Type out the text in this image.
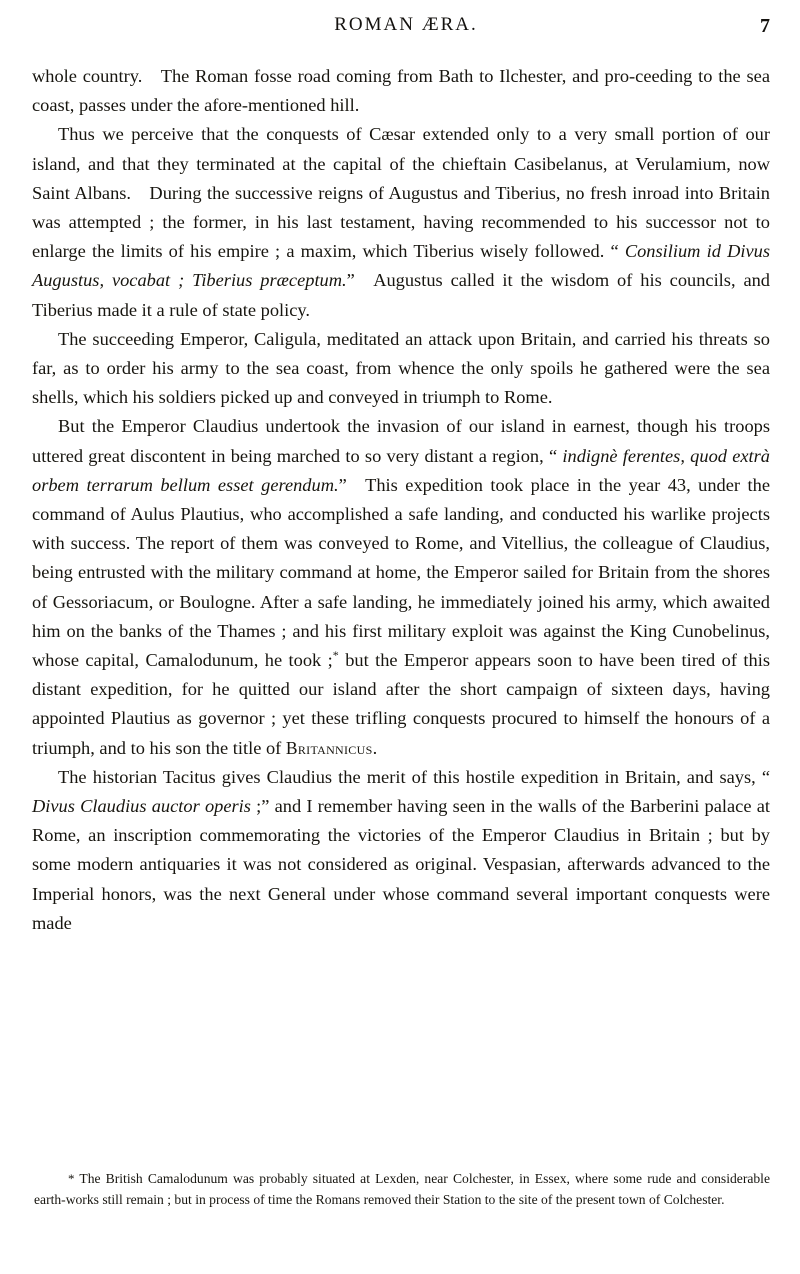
ROMAN ÆRA.	7

whole country. The Roman fosse road coming from Bath to Ilchester, and pro-ceeding to the sea coast, passes under the afore-mentioned hill.

Thus we perceive that the conquests of Cæsar extended only to a very small portion of our island, and that they terminated at the capital of the chieftain Casibelanus, at Verulamium, now Saint Albans. During the successive reigns of Augustus and Tiberius, no fresh inroad into Britain was attempted ; the former, in his last testament, having recommended to his successor not to enlarge the limits of his empire ; a maxim, which Tiberius wisely followed. “ Consilium id Divus Augustus, vocabat ; Tiberius præceptum.” Augustus called it the wisdom of his councils, and Tiberius made it a rule of state policy.

The succeeding Emperor, Caligula, meditated an attack upon Britain, and carried his threats so far, as to order his army to the sea coast, from whence the only spoils he gathered were the sea shells, which his soldiers picked up and conveyed in triumph to Rome.

But the Emperor Claudius undertook the invasion of our island in earnest, though his troops uttered great discontent in being marched to so very distant a region, “ indignè ferentes, quod extrà orbem terrarum bellum esset gerendum.” This expedition took place in the year 43, under the command of Aulus Plautius, who accomplished a safe landing, and conducted his warlike projects with success. The report of them was conveyed to Rome, and Vitellius, the colleague of Claudius, being entrusted with the military command at home, the Emperor sailed for Britain from the shores of Gessoriacum, or Boulogne. After a safe landing, he immediately joined his army, which awaited him on the banks of the Thames ; and his first military exploit was against the King Cunobelinus, whose capital, Camalodunum, he took ;* but the Emperor appears soon to have been tired of this distant expedition, for he quitted our island after the short campaign of sixteen days, having appointed Plautius as governor ; yet these trifling conquests procured to himself the honours of a triumph, and to his son the title of Britannicus.

The historian Tacitus gives Claudius the merit of this hostile expedition in Britain, and says, “ Divus Claudius auctor operis ;” and I remember having seen in the walls of the Barberini palace at Rome, an inscription commemorating the victories of the Emperor Claudius in Britain ; but by some modern antiquaries it was not considered as original. Vespasian, afterwards advanced to the Imperial honors, was the next General under whose command several important conquests were made

* The British Camalodunum was probably situated at Lexden, near Colchester, in Essex, where some rude and considerable earth-works still remain ; but in process of time the Romans removed their Station to the site of the present town of Colchester.
